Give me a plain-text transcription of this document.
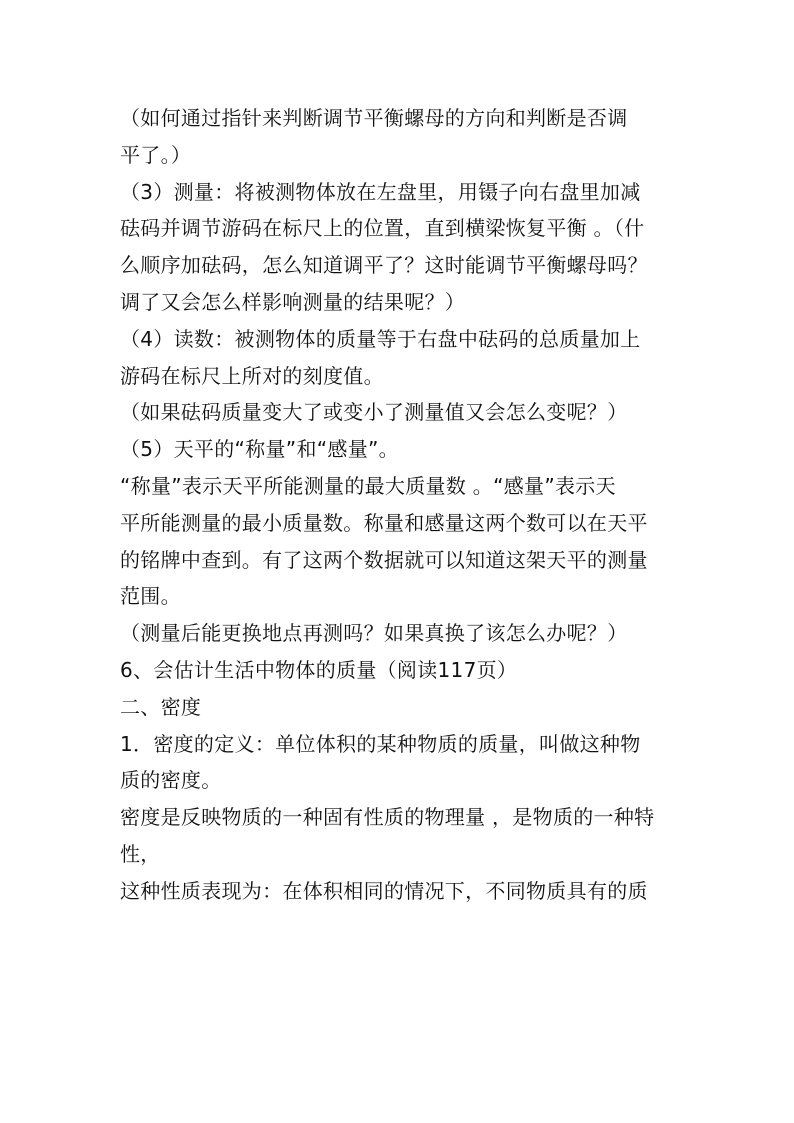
（如何通过指针来判断调节平衡螺母的方向和判断是否调
平了。）
（3）测量：将被测物体放在左盘里，用镊子向右盘里加减
砝码并调节游码在标尺上的位置，直到横梁恢复平衡 。（什
么顺序加砝码，怎么知道调平了？这时能调节平衡螺母吗？
调了又会怎么样影响测量的结果呢？）
（4）读数：被测物体的质量等于右盘中砝码的总质量加上
游码在标尺上所对的刻度值。
（如果砝码质量变大了或变小了测量值又会怎么变呢？）
（5）天平的“称量”和“感量”。
“称量”表示天平所能测量的最大质量数 。“感量”表示天
平所能测量的最小质量数。称量和感量这两个数可以在天平
的铭牌中查到。有了这两个数据就可以知道这架天平的测量
范围。
（测量后能更换地点再测吗？如果真换了该怎么办呢？）
6、会估计生活中物体的质量（阅读117页）
二、密度
1．密度的定义：单位体积的某种物质的质量，叫做这种物
质的密度。
密度是反映物质的一种固有性质的物理量 ，是物质的一种特
性，
这种性质表现为：在体积相同的情况下，不同物质具有的质
